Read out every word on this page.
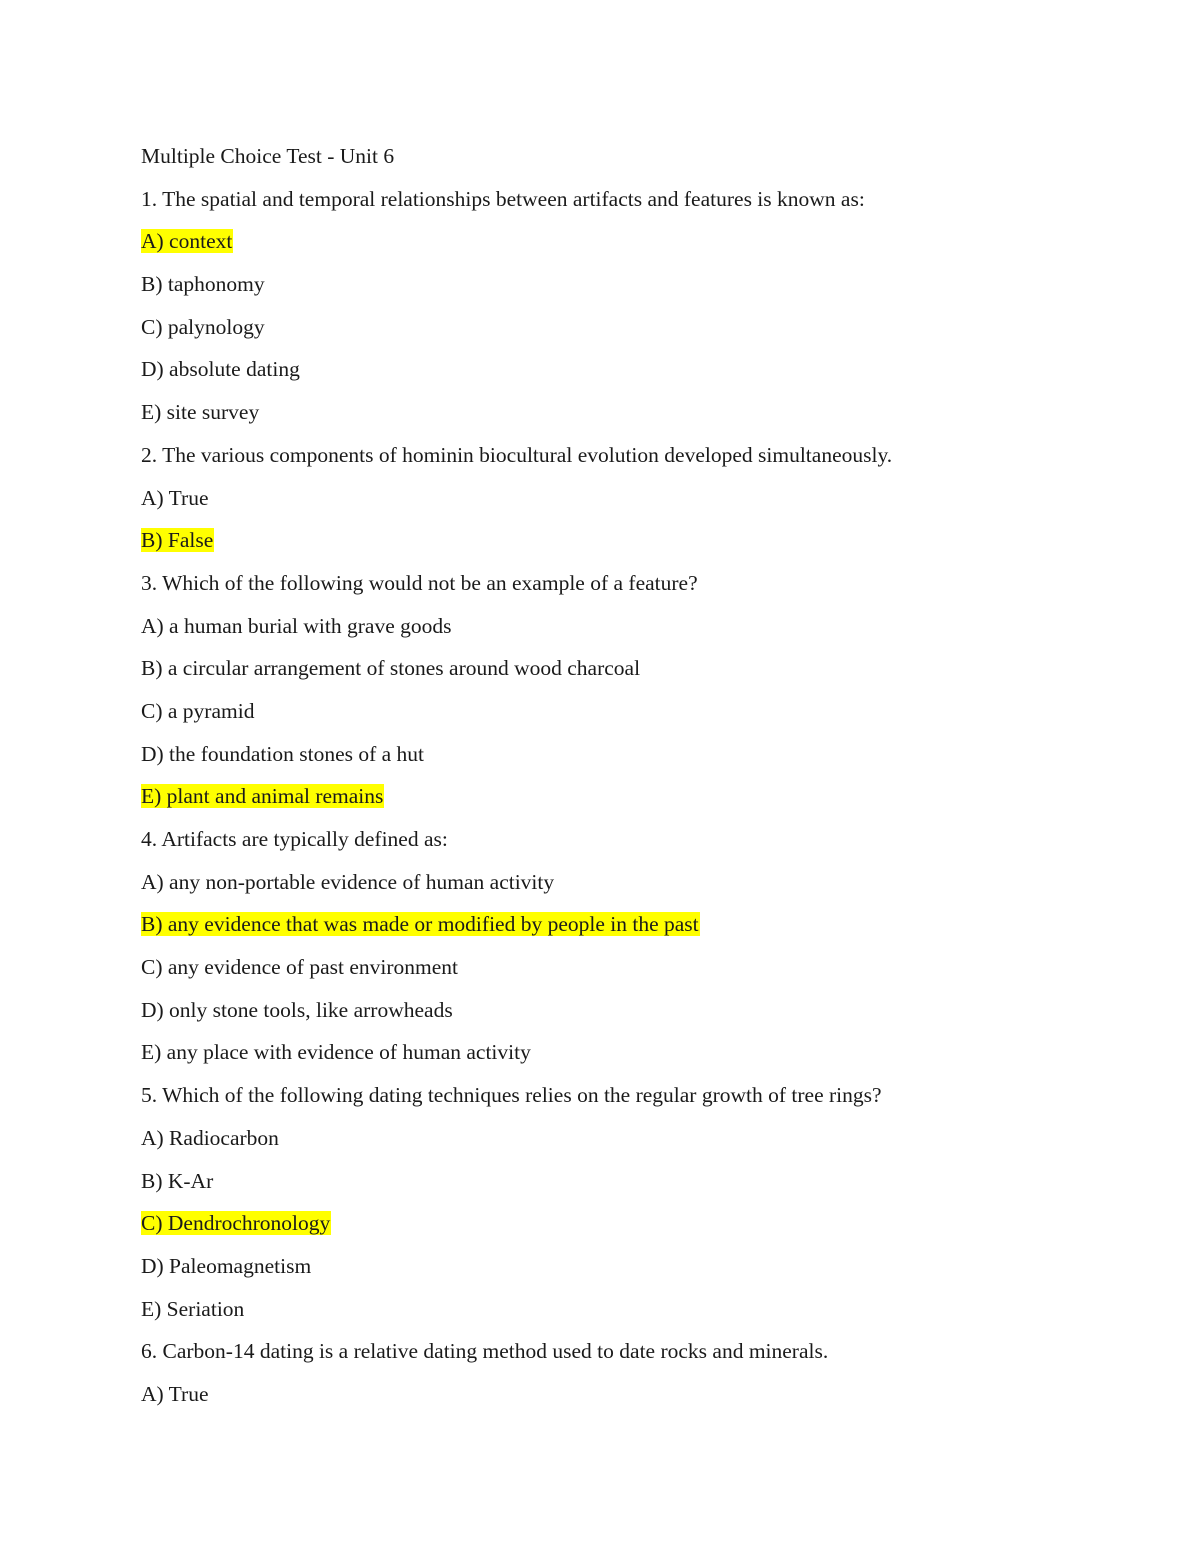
Multiple Choice Test - Unit 6
1. The spatial and temporal relationships between artifacts and features is known as:
A) context
B) taphonomy
C) palynology
D) absolute dating
E) site survey
2. The various components of hominin biocultural evolution developed simultaneously.
A) True
B) False
3. Which of the following would not be an example of a feature?
A) a human burial with grave goods
B) a circular arrangement of stones around wood charcoal
C) a pyramid
D) the foundation stones of a hut
E) plant and animal remains
4. Artifacts are typically defined as:
A) any non-portable evidence of human activity
B) any evidence that was made or modified by people in the past
C) any evidence of past environment
D) only stone tools, like arrowheads
E) any place with evidence of human activity
5. Which of the following dating techniques relies on the regular growth of tree rings?
A) Radiocarbon
B) K-Ar
C) Dendrochronology
D) Paleomagnetism
E) Seriation
6. Carbon-14 dating is a relative dating method used to date rocks and minerals.
A) True
